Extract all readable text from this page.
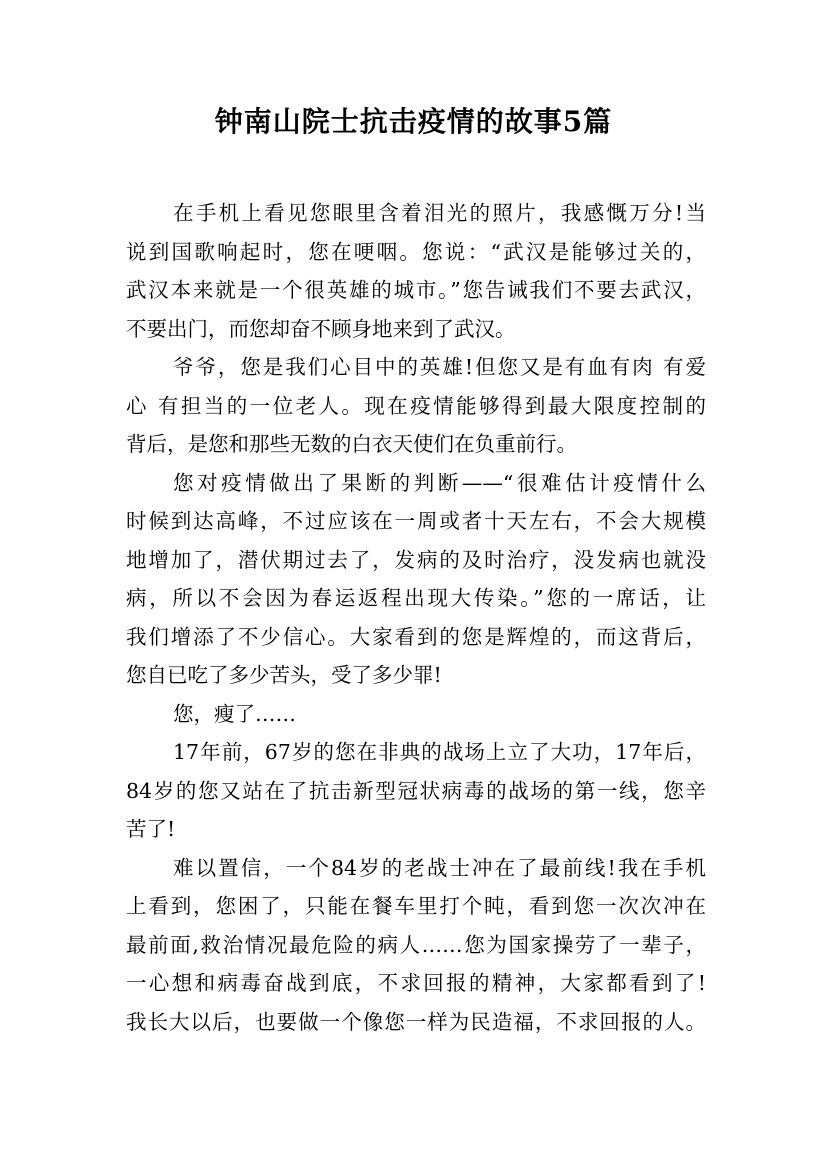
钟南山院士抗击疫情的故事5篇
在手机上看见您眼里含着泪光的照片，我感慨万分!当
说到国歌响起时，您在哽咽。您说：“武汉是能够过关的，
武汉本来就是一个很英雄的城市。”您告诫我们不要去武汉，
不要出门，而您却奋不顾身地来到了武汉。
爷爷，您是我们心目中的英雄!但您又是有血有肉 有爱
心 有担当的一位老人。现在疫情能够得到最大限度控制的
背后，是您和那些无数的白衣天使们在负重前行。
您对疫情做出了果断的判断——“很难估计疫情什么
时候到达高峰，不过应该在一周或者十天左右，不会大规模
地增加了，潜伏期过去了，发病的及时治疗，没发病也就没
病，所以不会因为春运返程出现大传染。”您的一席话，让
我们增添了不少信心。大家看到的您是辉煌的，而这背后，
您自已吃了多少苦头，受了多少罪!
您，瘦了……
17年前，67岁的您在非典的战场上立了大功，17年后，
84岁的您又站在了抗击新型冠状病毒的战场的第一线，您辛
苦了!
难以置信，一个84岁的老战士冲在了最前线!我在手机
上看到，您困了，只能在餐车里打个盹，看到您一次次冲在
最前面,救治情况最危险的病人……您为国家操劳了一辈子，
一心想和病毒奋战到底，不求回报的精神，大家都看到了!
我长大以后，也要做一个像您一样为民造福，不求回报的人。
